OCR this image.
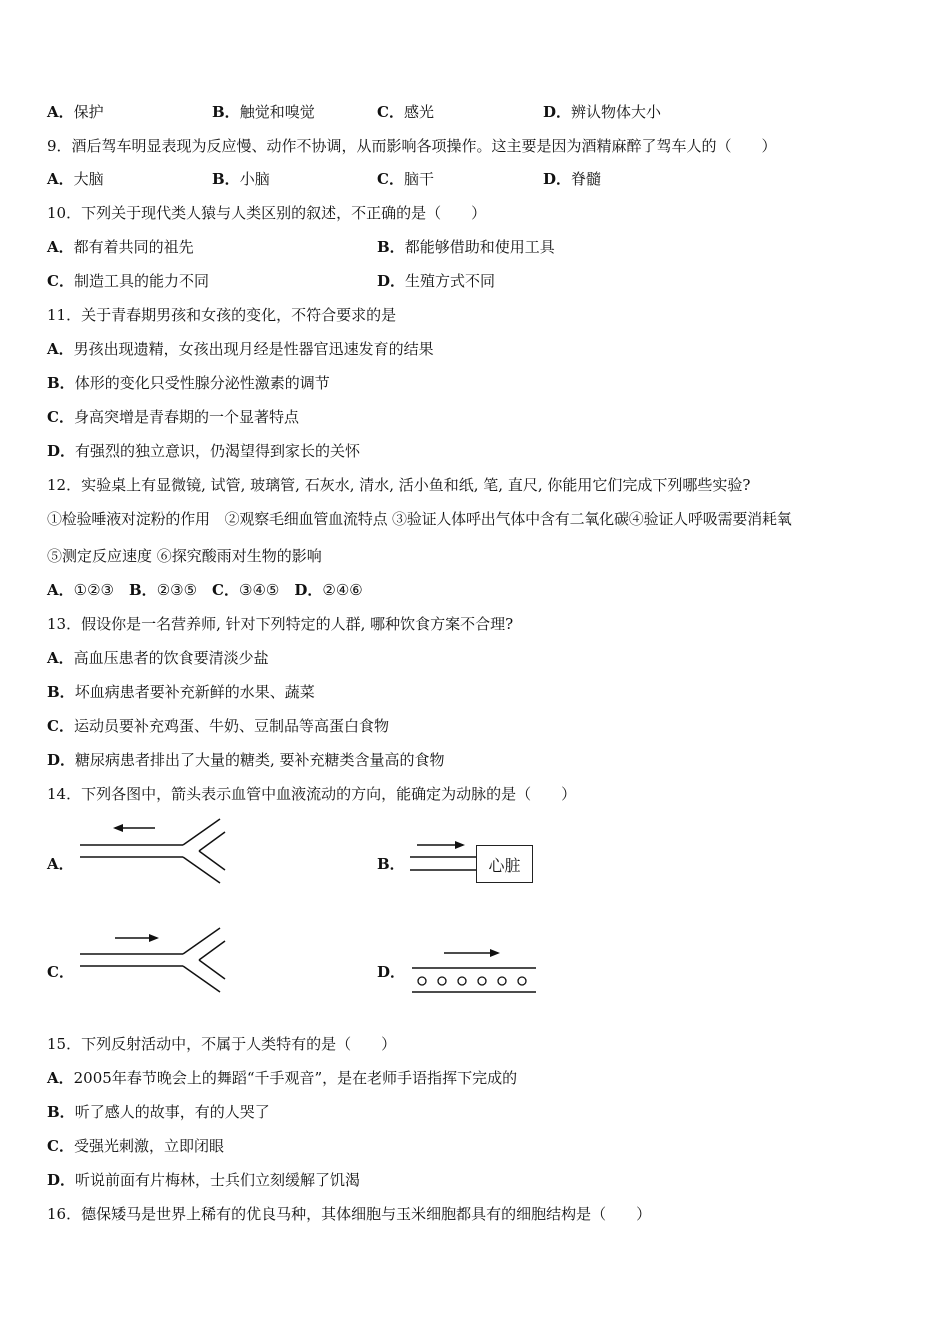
A．保护	B．触觉和嗅觉	C．感光	D．辨认物体大小
9．酒后驾车明显表现为反应慢、动作不协调，从而影响各项操作。这主要是因为酒精麻醉了驾车人的（　　）
A．大脑	B．小脑	C．脑干	D．脊髓
10．下列关于现代类人猿与人类区别的叙述，不正确的是（　　）
A．都有着共同的祖先	B．都能够借助和使用工具
C．制造工具的能力不同	D．生殖方式不同
11．关于青春期男孩和女孩的变化，不符合要求的是
A．男孩出现遗精，女孩出现月经是性器官迅速发育的结果
B．体形的变化只受性腺分泌性激素的调节
C．身高突增是青春期的一个显著特点
D．有强烈的独立意识，仍渴望得到家长的关怀
12．实验桌上有显微镜, 试管, 玻璃管, 石灰水, 清水, 活小鱼和纸, 笔, 直尺, 你能用它们完成下列哪些实验?
①检验唾液对淀粉的作用　②观察毛细血管血流特点 ③验证人体呼出气体中含有二氧化碳④验证人呼吸需要消耗氧
⑤测定反应速度 ⑥探究酸雨对生物的影响
A．①②③　 B．②③⑤　 C．③④⑤　 D．②④⑥
13．假设你是一名营养师, 针对下列特定的人群, 哪种饮食方案不合理?
A．高血压患者的饮食要清淡少盐
B．坏血病患者要补充新鲜的水果、蔬菜
C．运动员要补充鸡蛋、牛奶、豆制品等高蛋白食物
D．糖尿病患者排出了大量的糖类, 要补充糖类含量高的食物
14．下列各图中，箭头表示血管中血液流动的方向，能确定为动脉的是（　　）
A．	B．	心脏
C．	D．
15．下列反射活动中，不属于人类特有的是（　　）
A．2005年春节晚会上的舞蹈“千手观音”，是在老师手语指挥下完成的
B．听了感人的故事，有的人哭了
C．受强光刺激，立即闭眼
D．听说前面有片梅林，士兵们立刻缓解了饥渴
16．德保矮马是世界上稀有的优良马种，其体细胞与玉米细胞都具有的细胞结构是（　　）
